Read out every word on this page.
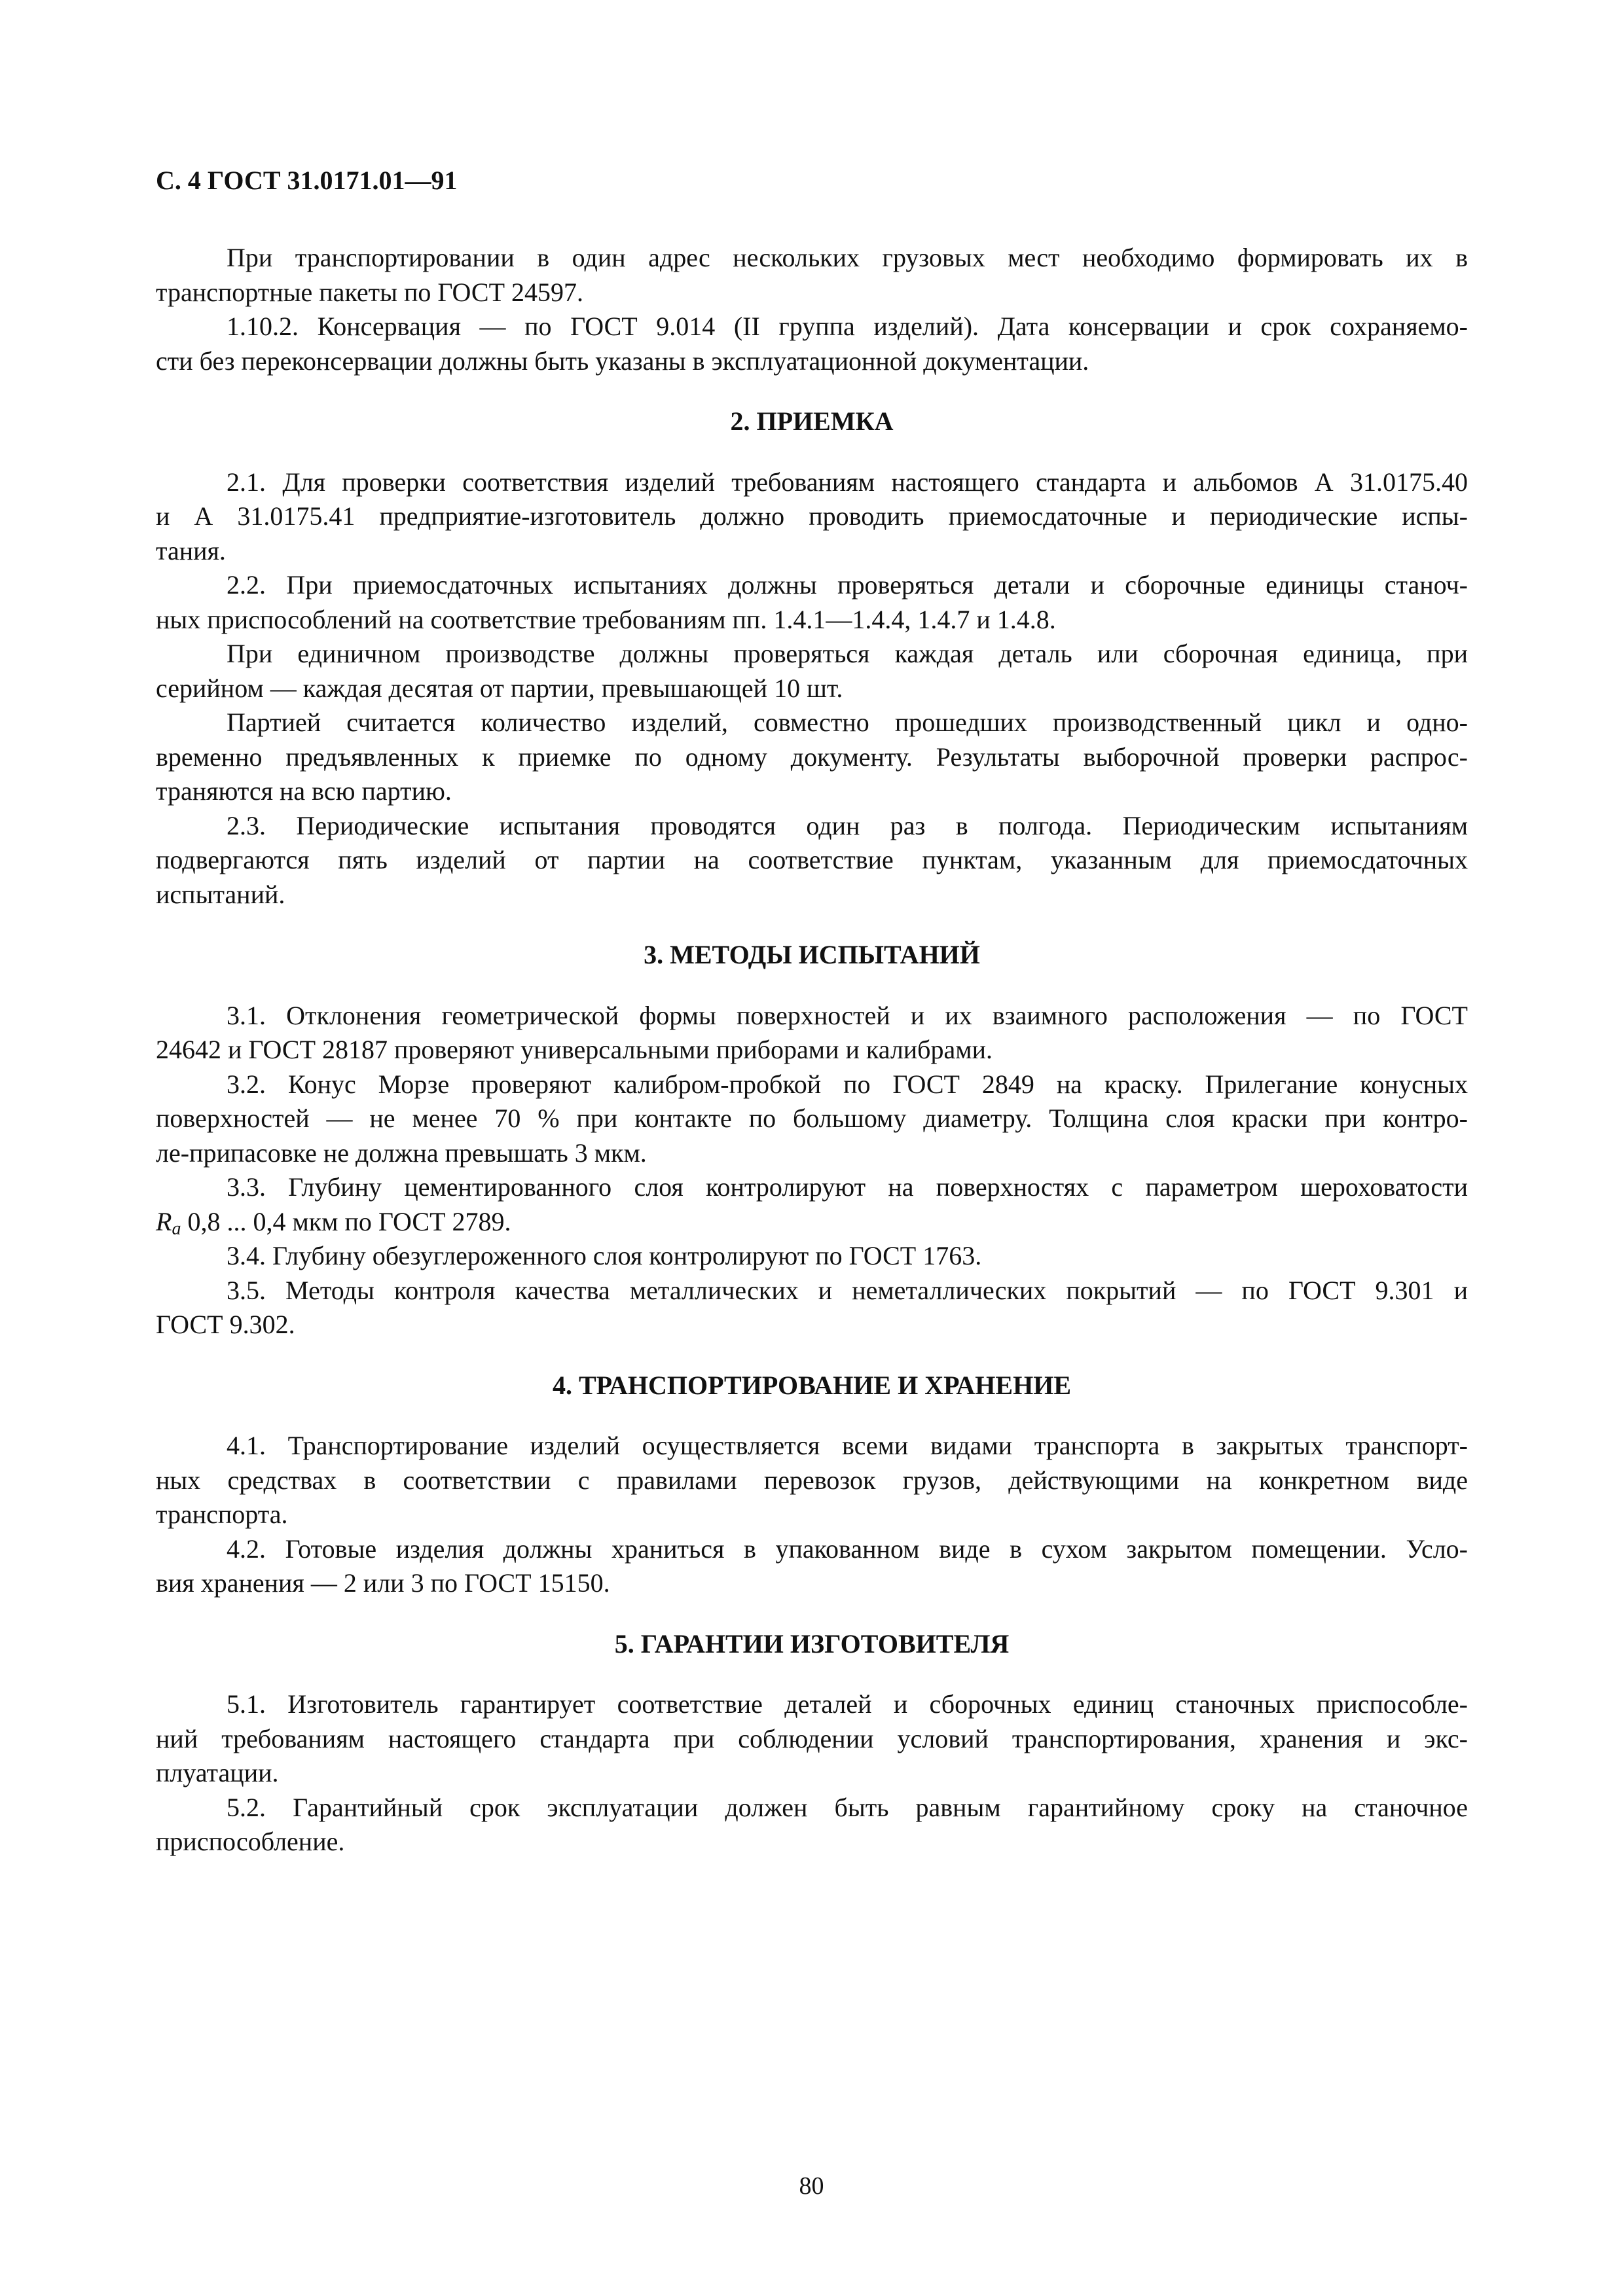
С. 4 ГОСТ 31.0171.01—91
При транспортировании в один адрес нескольких грузовых мест необходимо формировать их в
транспортные пакеты по ГОСТ 24597.
1.10.2. Консервация — по ГОСТ 9.014 (II группа изделий). Дата консервации и срок сохраняемо-
сти без переконсервации должны быть указаны в эксплуатационной документации.
2. ПРИЕМКА
2.1. Для проверки соответствия изделий требованиям настоящего стандарта и альбомов А 31.0175.40
и А 31.0175.41 предприятие-изготовитель должно проводить приемосдаточные и периодические испы-
тания.
2.2. При приемосдаточных испытаниях должны проверяться детали и сборочные единицы станоч-
ных приспособлений на соответствие требованиям пп. 1.4.1—1.4.4, 1.4.7 и 1.4.8.
При единичном производстве должны проверяться каждая деталь или сборочная единица, при
серийном — каждая десятая от партии, превышающей 10 шт.
Партией считается количество изделий, совместно прошедших производственный цикл и одно-
временно предъявленных к приемке по одному документу. Результаты выборочной проверки распрос-
траняются на всю партию.
2.3. Периодические испытания проводятся один раз в полгода. Периодическим испытаниям
подвергаются пять изделий от партии на соответствие пунктам, указанным для приемосдаточных
испытаний.
3. МЕТОДЫ ИСПЫТАНИЙ
3.1. Отклонения геометрической формы поверхностей и их взаимного расположения — по ГОСТ
24642 и ГОСТ 28187 проверяют универсальными приборами и калибрами.
3.2. Конус Морзе проверяют калибром-пробкой по ГОСТ 2849 на краску. Прилегание конусных
поверхностей — не менее 70 % при контакте по большому диаметру. Толщина слоя краски при контро-
ле-припасовке не должна превышать 3 мкм.
3.3. Глубину цементированного слоя контролируют на поверхностях с параметром шероховатости
$R_a$ 0,8 ... 0,4 мкм по ГОСТ 2789.
3.4. Глубину обезуглероженного слоя контролируют по ГОСТ 1763.
3.5. Методы контроля качества металлических и неметаллических покрытий — по ГОСТ 9.301 и
ГОСТ 9.302.
4. ТРАНСПОРТИРОВАНИЕ И ХРАНЕНИЕ
4.1. Транспортирование изделий осуществляется всеми видами транспорта в закрытых транспорт-
ных средствах в соответствии с правилами перевозок грузов, действующими на конкретном виде
транспорта.
4.2. Готовые изделия должны храниться в упакованном виде в сухом закрытом помещении. Усло-
вия хранения — 2 или 3 по ГОСТ 15150.
5. ГАРАНТИИ ИЗГОТОВИТЕЛЯ
5.1. Изготовитель гарантирует соответствие деталей и сборочных единиц станочных приспособле-
ний требованиям настоящего стандарта при соблюдении условий транспортирования, хранения и экс-
плуатации.
5.2. Гарантийный срок эксплуатации должен быть равным гарантийному сроку на станочное
приспособление.
80
